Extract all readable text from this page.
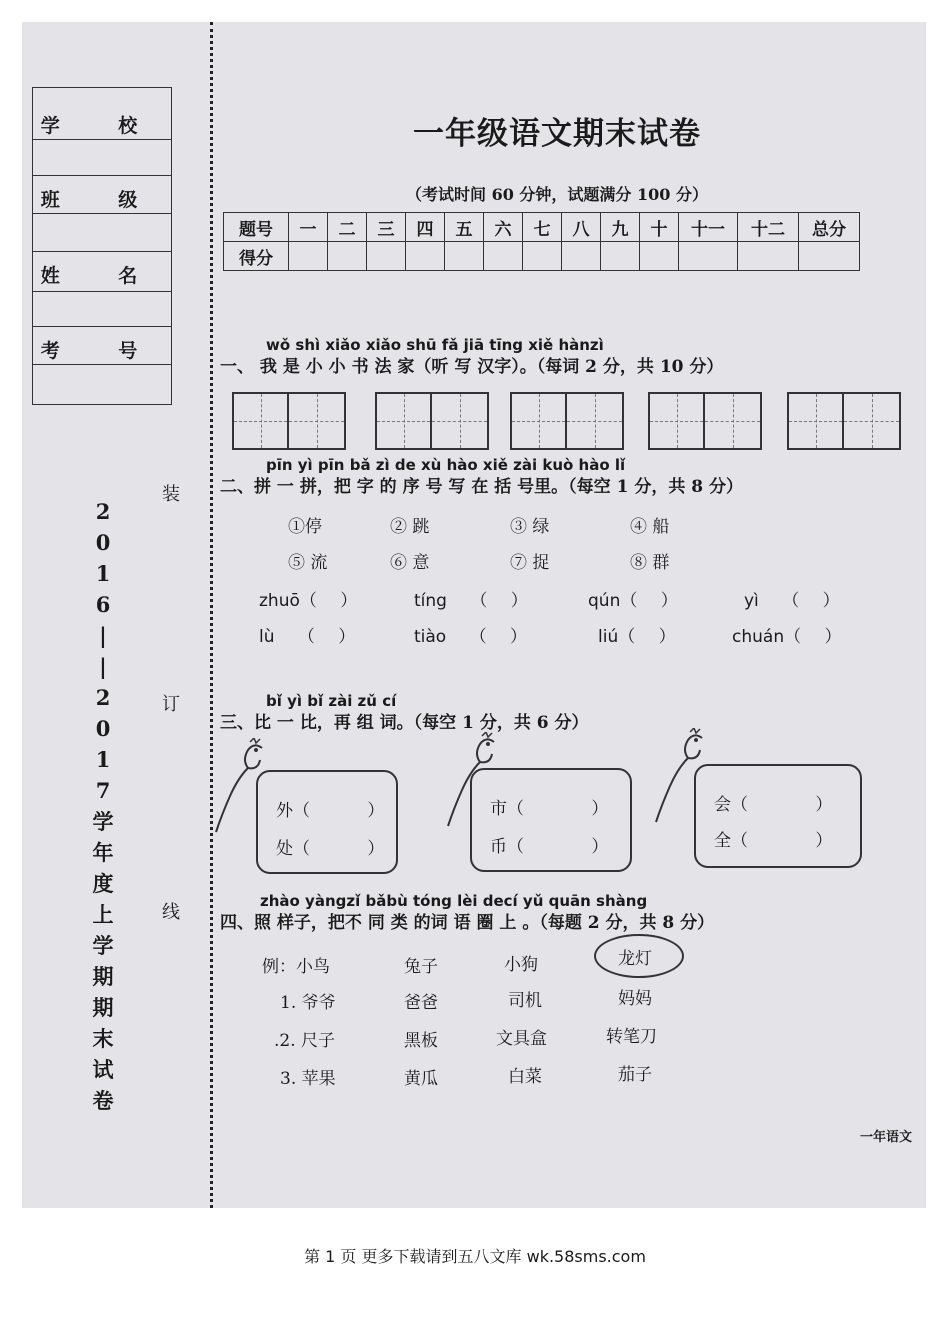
学 校
班 级
姓 名
考 号
2
0
1
6
|
|
2
0
1
7
学
年
度
上
学
期
期
末
试
卷
装
订
线
一年级语文期末试卷
（考试时间 60 分钟，试题满分 100 分）
题号	一	二	三	四	五	六	七	八	九	十	十一	十二	总分
得分													
wǒ shì xiǎo xiǎo shū fǎ jiā tīng xiě hànzì
一、 我 是 小 小 书 法 家（听 写 汉字）。（每词 2 分，共 10 分）
pīn yì pīn bǎ zì de xù hào xiě zài kuò hào lǐ
二、拼 一 拼，把 字 的 序 号 写 在 括 号里。（每空 1 分，共 8 分）
①停	② 跳	③ 绿	④ 船
⑤ 流	⑥ 意	⑦ 捉	⑧ 群
zhuō（ ）	tíng （ ）	qún（ ）	yì （ ）
lù （ ）	tiào （ ）	liú（ ）	chuán（ ）
bǐ yì bǐ zài zǔ cí
三、比 一 比，再 组 词。（每空 1 分，共 6 分）
外（ ）
处（ ）
市（ ）
币（ ）
会（ ）
全（ ）
zhào yàngzǐ bǎbù tóng lèi decí yǔ quān shàng
四、照 样子，把不 同 类 的词 语 圈 上 。（每题 2 分，共 8 分）
例：小鸟	兔子	小狗	龙灯
1. 爷爷	爸爸	司机	妈妈
.2. 尺子	黑板	文具盒	转笔刀
3. 苹果	黄瓜	白菜	茄子
一年语文
第 1 页 更多下载请到五八文库 wk.58sms.com
